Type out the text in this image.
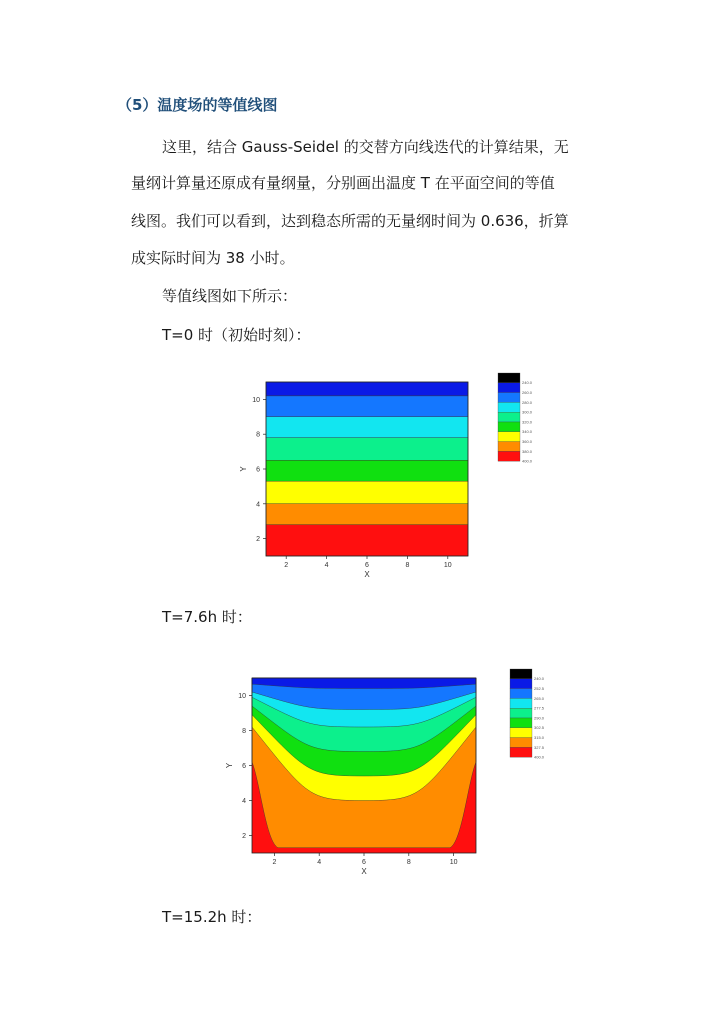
（5）温度场的等值线图
这里，结合 Gauss-Seidel 的交替方向线迭代的计算结果，无
量纲计算量还原成有量纲量，分别画出温度 T 在平面空间的等值
线图。我们可以看到，达到稳态所需的无量纲时间为 0.636，折算
成实际时间为 38 小时。
等值线图如下所示：
T=0 时（初始时刻）：
T=7.6h 时：
T=15.2h 时：
2	4	6	8	10
2
4
6
8
10
X
Y
240.0
260.0
280.0
300.0
320.0
340.0
360.0
380.0
400.0
2	4	6	8	10
2
4
6
8
10
X
Y
240.0
252.5
265.0
277.5
290.0
302.5
315.0
327.5
400.0
